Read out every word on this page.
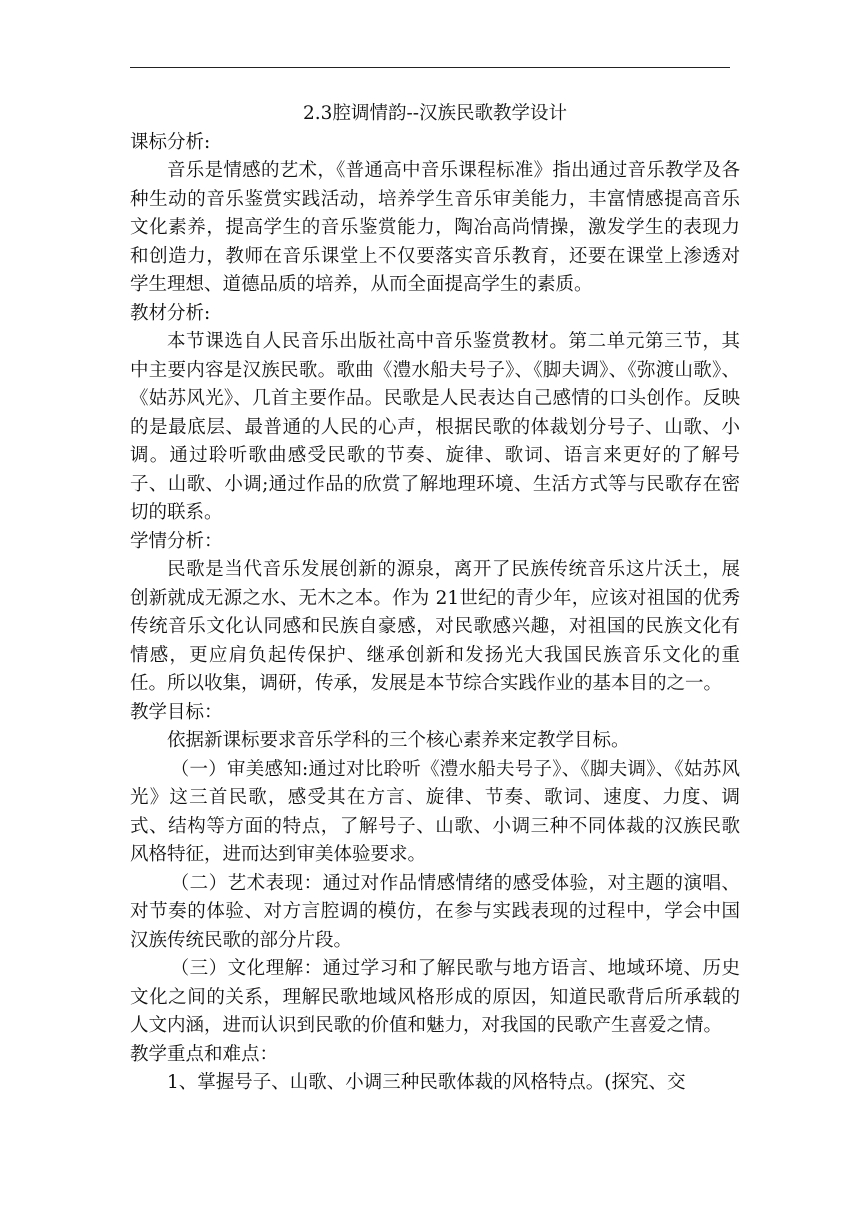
2.3腔调情韵--汉族民歌教学设计

课标分析:

音乐是情感的艺术，《普通高中音乐课程标准》指出通过音乐教学及各种生动的音乐鉴赏实践活动，培养学生音乐审美能力，丰富情感提高音乐文化素养，提高学生的音乐鉴赏能力，陶冶高尚情操，激发学生的表现力和创造力，教师在音乐课堂上不仅要落实音乐教育，还要在课堂上渗透对学生理想、道德品质的培养，从而全面提高学生的素质。

教材分析:

本节课选自人民音乐出版社高中音乐鉴赏教材。第二单元第三节，其中主要内容是汉族民歌。歌曲《澧水船夫号子》、《脚夫调》、《弥渡山歌》、《姑苏风光》、几首主要作品。民歌是人民表达自己感情的口头创作。反映的是最底层、最普通的人民的心声，根据民歌的体裁划分号子、山歌、小调。通过聆听歌曲感受民歌的节奏、旋律、歌词、语言来更好的了解号子、山歌、小调;通过作品的欣赏了解地理环境、生活方式等与民歌存在密切的联系。

学情分析：

民歌是当代音乐发展创新的源泉，离开了民族传统音乐这片沃土，展创新就成无源之水、无木之本。作为 21世纪的青少年，应该对祖国的优秀传统音乐文化认同感和民族自豪感，对民歌感兴趣，对祖国的民族文化有情感，更应肩负起传保护、继承创新和发扬光大我国民族音乐文化的重任。所以收集，调研，传承，发展是本节综合实践作业的基本目的之一。

教学目标：

依据新课标要求音乐学科的三个核心素养来定教学目标。

（一）审美感知:通过对比聆听《澧水船夫号子》、《脚夫调》、《姑苏风光》这三首民歌，感受其在方言、旋律、节奏、歌词、速度、力度、调式、结构等方面的特点，了解号子、山歌、小调三种不同体裁的汉族民歌风格特征，进而达到审美体验要求。

（二）艺术表现：通过对作品情感情绪的感受体验，对主题的演唱、对节奏的体验、对方言腔调的模仿，在参与实践表现的过程中，学会中国汉族传统民歌的部分片段。

（三）文化理解：通过学习和了解民歌与地方语言、地域环境、历史文化之间的关系，理解民歌地域风格形成的原因，知道民歌背后所承载的人文内涵，进而认识到民歌的价值和魅力，对我国的民歌产生喜爱之情。

教学重点和难点：

1、掌握号子、山歌、小调三种民歌体裁的风格特点。(探究、交
